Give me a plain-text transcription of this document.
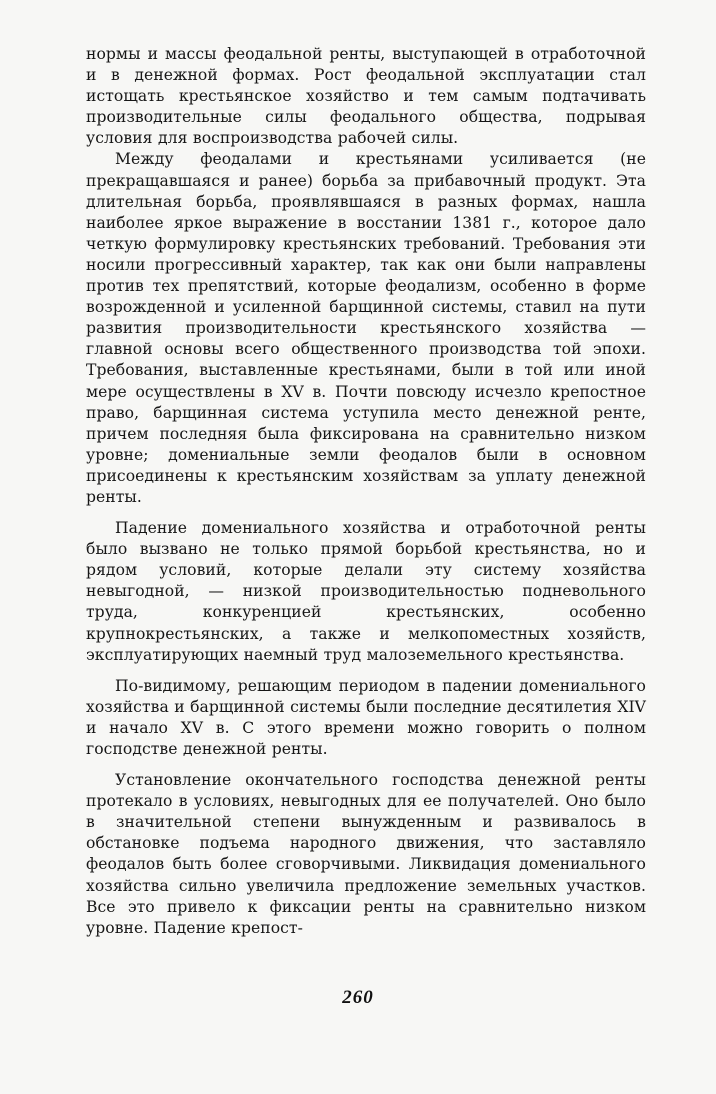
нормы и массы феодальной ренты, выступающей в отработочной и в денежной формах. Рост феодальной эксплуатации стал истощать крестьянское хозяйство и тем самым подтачивать производительные силы феодального общества, подрывая условия для воспроизводства рабочей силы.

Между феодалами и крестьянами усиливается (не прекращавшаяся и ранее) борьба за прибавочный продукт. Эта длительная борьба, проявлявшаяся в разных формах, нашла наиболее яркое выражение в восстании 1381 г., которое дало четкую формулировку крестьянских требований. Требования эти носили прогрессивный характер, так как они были направлены против тех препятствий, которые феодализм, особенно в форме возрожденной и усиленной барщинной системы, ставил на пути развития производительности крестьянского хозяйства — главной основы всего общественного производства той эпохи. Требования, выставленные крестьянами, были в той или иной мере осуществлены в XV в. Почти повсюду исчезло крепостное право, барщинная система уступила место денежной ренте, причем последняя была фиксирована на сравнительно низком уровне; домениальные земли феодалов были в основном присоединены к крестьянским хозяйствам за уплату денежной ренты.

Падение домениального хозяйства и отработочной ренты было вызвано не только прямой борьбой крестьянства, но и рядом условий, которые делали эту систему хозяйства невыгодной, — низкой производительностью подневольного труда, конкуренцией крестьянских, особенно крупнокрестьянских, а также и мелкопоместных хозяйств, эксплуатирующих наемный труд малоземельного крестьянства.

По-видимому, решающим периодом в падении домениального хозяйства и барщинной системы были последние десятилетия XIV и начало XV в. С этого времени можно говорить о полном господстве денежной ренты.

Установление окончательного господства денежной ренты протекало в условиях, невыгодных для ее получателей. Оно было в значительной степени вынужденным и развивалось в обстановке подъема народного движения, что заставляло феодалов быть более сговорчивыми. Ликвидация домениального хозяйства сильно увеличила предложение земельных участков. Все это привело к фиксации ренты на сравнительно низком уровне. Падение крепост-

260
